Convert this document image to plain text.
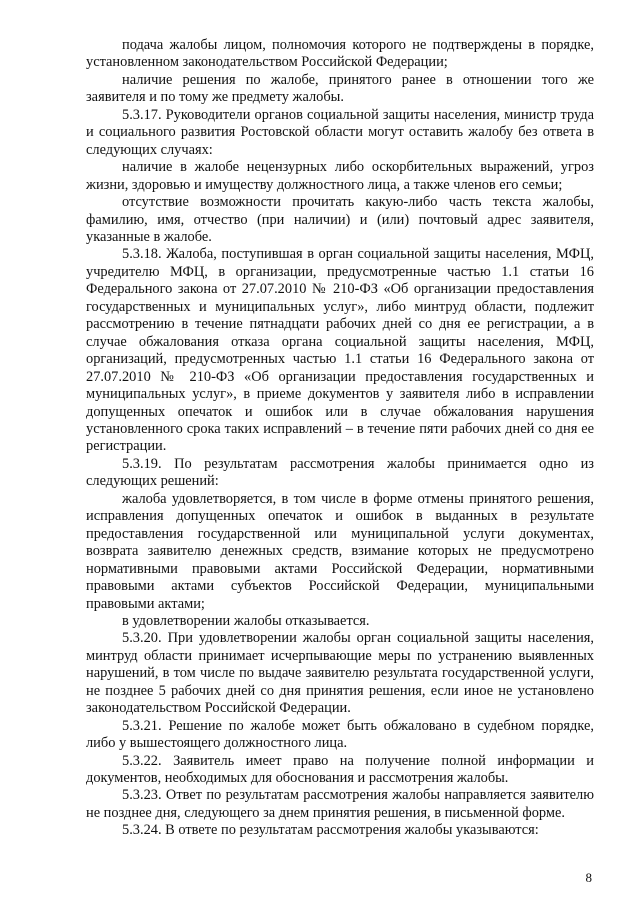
подача жалобы лицом, полномочия которого не подтверждены в порядке, установленном законодательством Российской Федерации;

наличие решения по жалобе, принятого ранее в отношении того же заявителя и по тому же предмету жалобы.

5.3.17. Руководители органов социальной защиты населения, министр труда и социального развития Ростовской области могут оставить жалобу без ответа в следующих случаях:

наличие в жалобе нецензурных либо оскорбительных выражений, угроз жизни, здоровью и имуществу должностного лица, а также членов его семьи;

отсутствие возможности прочитать какую-либо часть текста жалобы, фамилию, имя, отчество (при наличии) и (или) почтовый адрес заявителя, указанные в жалобе.

5.3.18. Жалоба, поступившая в орган социальной защиты населения, МФЦ, учредителю МФЦ, в организации, предусмотренные частью 1.1 статьи 16 Федерального закона от 27.07.2010 № 210-ФЗ «Об организации предоставления государственных и муниципальных услуг», либо минтруд области, подлежит рассмотрению в течение пятнадцати рабочих дней со дня ее регистрации, а в случае обжалования отказа органа социальной защиты населения, МФЦ, организаций, предусмотренных частью 1.1 статьи 16 Федерального закона от 27.07.2010 № 210-ФЗ «Об организации предоставления государственных и муниципальных услуг», в приеме документов у заявителя либо в исправлении допущенных опечаток и ошибок или в случае обжалования нарушения установленного срока таких исправлений – в течение пяти рабочих дней со дня ее регистрации.

5.3.19. По результатам рассмотрения жалобы принимается одно из следующих решений:

жалоба удовлетворяется, в том числе в форме отмены принятого решения, исправления допущенных опечаток и ошибок в выданных в результате предоставления государственной или муниципальной услуги документах, возврата заявителю денежных средств, взимание которых не предусмотрено нормативными правовыми актами Российской Федерации, нормативными правовыми актами субъектов Российской Федерации, муниципальными правовыми актами;

в удовлетворении жалобы отказывается.

5.3.20. При удовлетворении жалобы орган социальной защиты населения, минтруд области принимает исчерпывающие меры по устранению выявленных нарушений, в том числе по выдаче заявителю результата государственной услуги, не позднее 5 рабочих дней со дня принятия решения, если иное не установлено законодательством Российской Федерации.

5.3.21. Решение по жалобе может быть обжаловано в судебном порядке, либо у вышестоящего должностного лица.

5.3.22. Заявитель имеет право на получение полной информации и документов, необходимых для обоснования и рассмотрения жалобы.

5.3.23. Ответ по результатам рассмотрения жалобы направляется заявителю не позднее дня, следующего за днем принятия решения, в письменной форме.

5.3.24. В ответе по результатам рассмотрения жалобы указываются:

8
